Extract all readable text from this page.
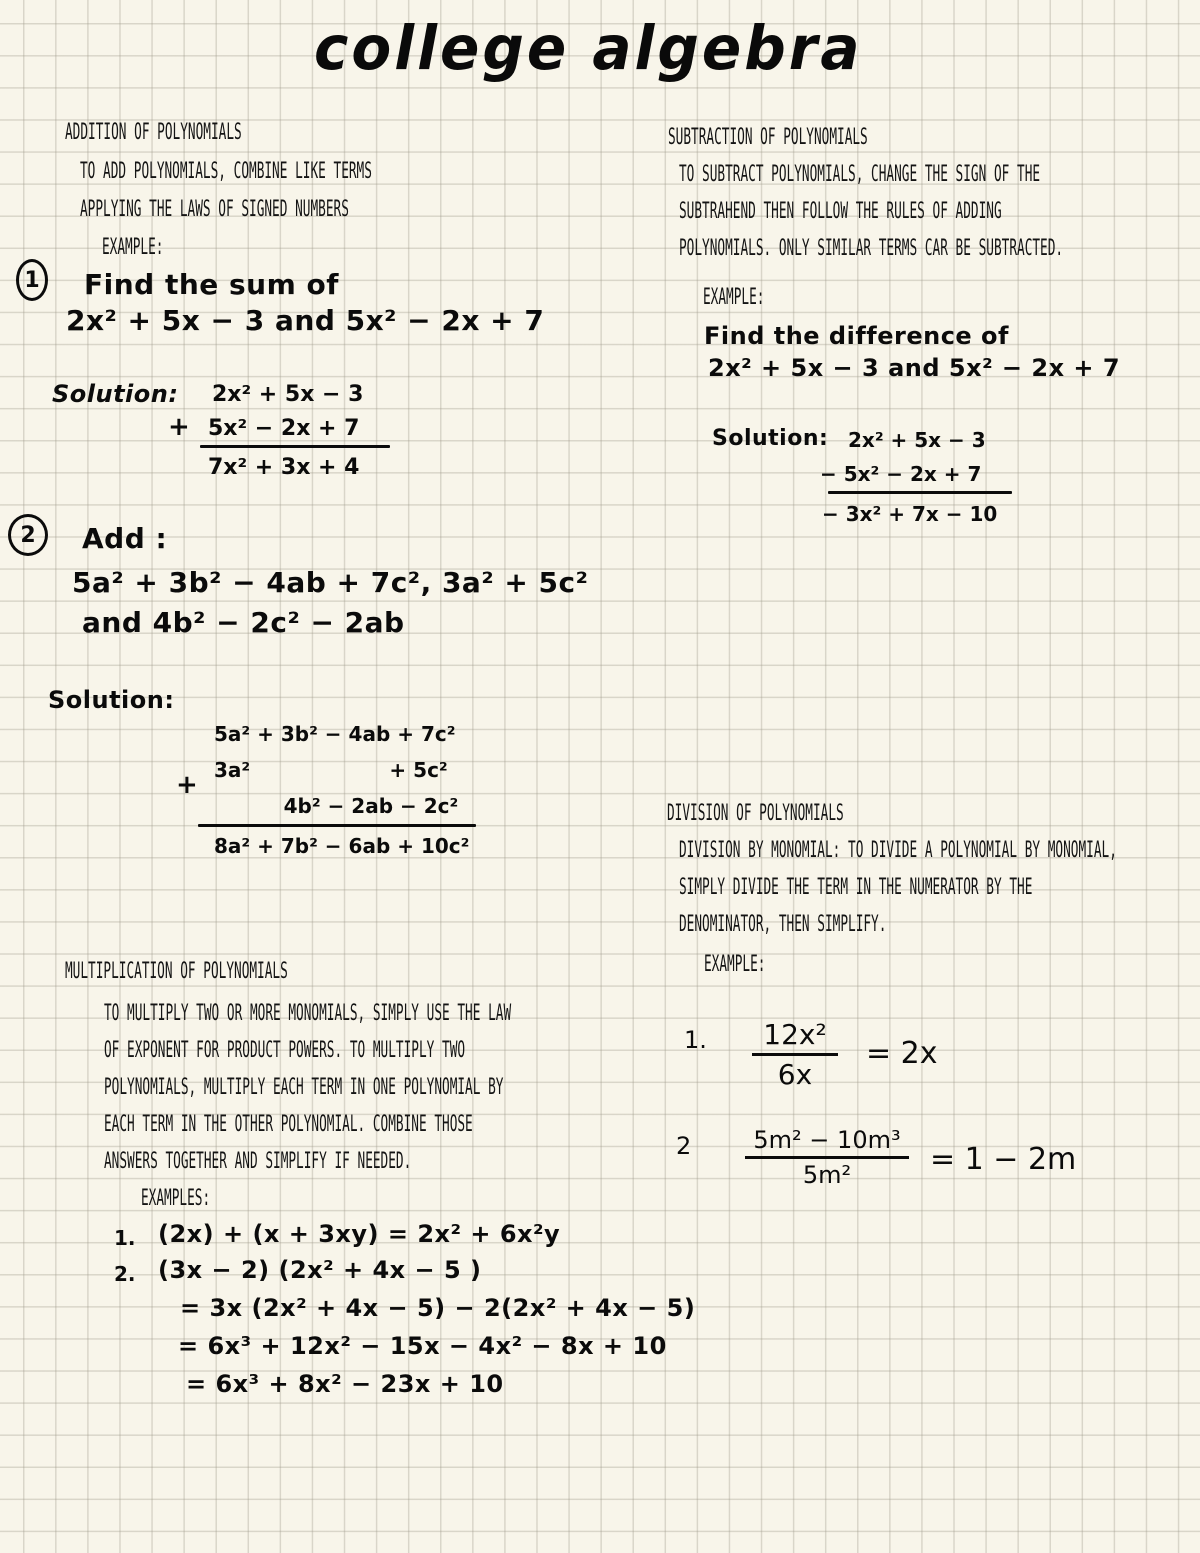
college algebra
ADDITION OF POLYNOMIALS
TO ADD POLYNOMIALS, COMBINE LIKE TERMS
APPLYING THE LAWS OF SIGNED NUMBERS
EXAMPLE:
1 Find the sum of
2x² + 5x − 3 and 5x² − 2x + 7
Solution: 2x² + 5x − 3
+ 5x² − 2x + 7
7x² + 3x + 4
2 Add :
5a² + 3b² − 4ab + 7c², 3a² + 5c²
and 4b² − 2c² − 2ab
Solution:
5a² + 3b² − 4ab + 7c²
+ 3a²                    + 5c²
4b² − 2ab − 2c²
8a² + 7b² − 6ab + 10c²
SUBTRACTION OF POLYNOMIALS
TO SUBTRACT POLYNOMIALS, CHANGE THE SIGN OF THE
SUBTRAHEND THEN FOLLOW THE RULES OF ADDING
POLYNOMIALS. ONLY SIMILAR TERMS CAR BE SUBTRACTED.
EXAMPLE:
Find the difference of
2x² + 5x − 3 and 5x² − 2x + 7
Solution: 2x² + 5x − 3
− 5x² − 2x + 7
− 3x² + 7x − 10
DIVISION OF POLYNOMIALS
DIVISION BY MONOMIAL: TO DIVIDE A POLYNOMIAL BY MONOMIAL,
SIMPLY DIVIDE THE TERM IN THE NUMERATOR BY THE
DENOMINATOR, THEN SIMPLIFY.
EXAMPLE:
1. 12x²
6x
= 2x
2	5m² − 10m³
5m²	= 1 − 2m
MULTIPLICATION OF POLYNOMIALS
TO MULTIPLY TWO OR MORE MONOMIALS, SIMPLY USE THE LAW
OF EXPONENT FOR PRODUCT POWERS. TO MULTIPLY TWO
POLYNOMIALS, MULTIPLY EACH TERM IN ONE POLYNOMIAL BY
EACH TERM IN THE OTHER POLYNOMIAL. COMBINE THOSE
ANSWERS TOGETHER AND SIMPLIFY IF NEEDED.
EXAMPLES:
1. (2x) + (x + 3xy) = 2x² + 6x²y
2. (3x − 2) (2x² + 4x − 5 )
= 3x (2x² + 4x − 5) − 2(2x² + 4x − 5)
= 6x³ + 12x² − 15x − 4x² − 8x + 10
= 6x³ + 8x² − 23x + 10
